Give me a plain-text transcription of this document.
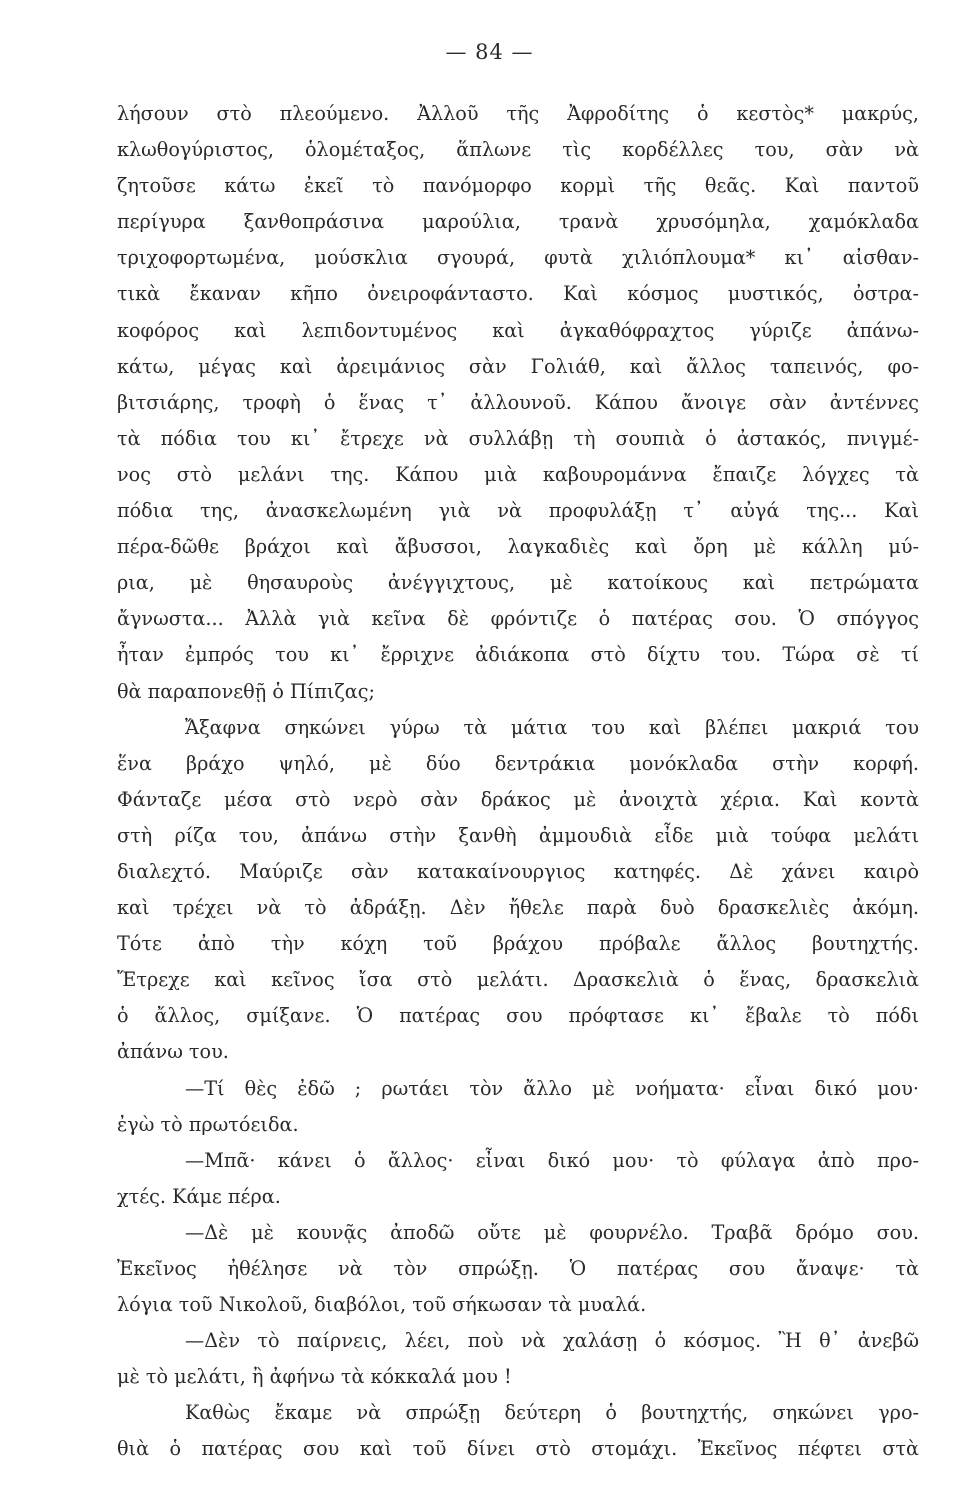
— 84 —
λήσουν στὸ πλεούμενο. Ἀλλοῦ τῆς Ἀφροδίτης ὁ κεστὸς* μακρύς,
κλωθογύριστος, ὁλομέταξος, ἅπλωνε τὶς κορδέλλες του, σὰν νὰ
ζητοῦσε κάτω ἐκεῖ τὸ πανόμορφο κορμὶ τῆς θεᾶς. Καὶ παντοῦ
περίγυρα ξανθοπράσινα μαρούλια, τρανὰ χρυσόμηλα, χαμόκλαδα
τριχοφορτωμένα, μούσκλια σγουρά, φυτὰ χιλιόπλουμα* κι᾽ αἰσθαν-
τικὰ ἔκαναν κῆπο ὀνειροφάνταστο. Καὶ κόσμος μυστικός, ὀστρα-
κοφόρος καὶ λεπιδοντυμένος καὶ ἀγκαθόφραχτος γύριζε ἀπάνω-
κάτω, μέγας καὶ ἀρειμάνιος σὰν Γολιάθ, καὶ ἄλλος ταπεινός, φο-
βιτσιάρης, τροφὴ ὁ ἕνας τ᾽ ἀλλουνοῦ. Κάπου ἄνοιγε σὰν ἀντέννες
τὰ πόδια του κι᾽ ἔτρεχε νὰ συλλάβῃ τὴ σουπιὰ ὁ ἀστακός, πνιγμέ-
νος στὸ μελάνι της. Κάπου μιὰ καβουρομάννα ἔπαιζε λόγχες τὰ
πόδια της, ἀνασκελωμένη γιὰ νὰ προφυλάξῃ τ᾽ αὐγά της... Καὶ
πέρα-δῶθε βράχοι καὶ ἄβυσσοι, λαγκαδιὲς καὶ ὄρη μὲ κάλλη μύ-
ρια, μὲ θησαυροὺς ἀνέγγιχτους, μὲ κατοίκους καὶ πετρώματα
ἄγνωστα... Ἀλλὰ γιὰ κεῖνα δὲ φρόντιζε ὁ πατέρας σου. Ὁ σπόγγος
ἦταν ἐμπρός του κι᾽ ἔρριχνε ἀδιάκοπα στὸ δίχτυ του. Τώρα σὲ τί
θὰ παραπονεθῇ ὁ Πίπιζας;
Ἄξαφνα σηκώνει γύρω τὰ μάτια του καὶ βλέπει μακριά του
ἕνα βράχο ψηλό, μὲ δύο δεντράκια μονόκλαδα στὴν κορφή.
Φάνταζε μέσα στὸ νερὸ σὰν δράκος μὲ ἀνοιχτὰ χέρια. Καὶ κοντὰ
στὴ ρίζα του, ἀπάνω στὴν ξανθὴ ἀμμουδιὰ εἶδε μιὰ τούφα μελάτι
διαλεχτό. Μαύριζε σὰν κατακαίνουργιος κατηφές. Δὲ χάνει καιρὸ
καὶ τρέχει νὰ τὸ ἀδράξῃ. Δὲν ἤθελε παρὰ δυὸ δρασκελιὲς ἀκόμη.
Τότε ἀπὸ τὴν κόχη τοῦ βράχου πρόβαλε ἄλλος βουτηχτής.
Ἔτρεχε καὶ κεῖνος ἴσα στὸ μελάτι. Δρασκελιὰ ὁ ἕνας, δρασκελιὰ
ὁ ἄλλος, σμίξανε. Ὁ πατέρας σου πρόφτασε κι᾽ ἔβαλε τὸ πόδι
ἀπάνω του.
—Τί θὲς ἐδῶ ; ρωτάει τὸν ἄλλο μὲ νοήματα· εἶναι δικό μου·
ἐγὼ τὸ πρωτόειδα.
—Μπᾶ· κάνει ὁ ἄλλος· εἶναι δικό μου· τὸ φύλαγα ἀπὸ προ-
χτές. Κάμε πέρα.
—Δὲ μὲ κουνᾷς ἀποδῶ οὔτε μὲ φουρνέλο. Τραβᾶ δρόμο σου.
Ἐκεῖνος ἠθέλησε νὰ τὸν σπρώξῃ. Ὁ πατέρας σου ἄναψε· τὰ
λόγια τοῦ Νικολοῦ, διαβόλοι, τοῦ σήκωσαν τὰ μυαλά.
—Δὲν τὸ παίρνεις, λέει, ποὺ νὰ χαλάσῃ ὁ κόσμος. Ἢ θ᾽ ἀνεβῶ
μὲ τὸ μελάτι, ἢ ἀφήνω τὰ κόκκαλά μου !
Καθὼς ἔκαμε νὰ σπρώξῃ δεύτερη ὁ βουτηχτής, σηκώνει γρο-
θιὰ ὁ πατέρας σου καὶ τοῦ δίνει στὸ στομάχι. Ἐκεῖνος πέφτει στὰ
